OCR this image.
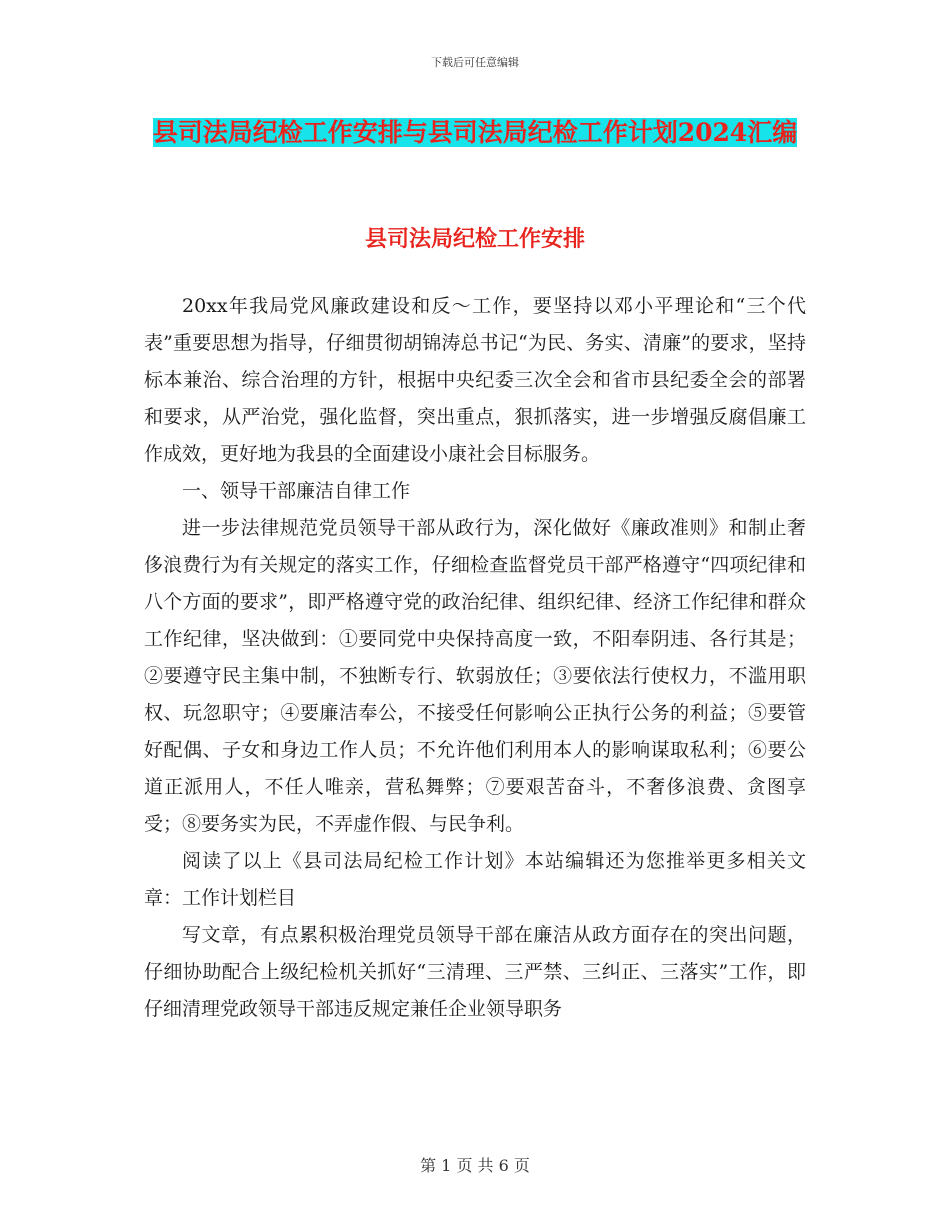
下载后可任意编辑
县司法局纪检工作安排与县司法局纪检工作计划2024汇编
县司法局纪检工作安排

20xx年我局党风廉政建设和反～工作，要坚持以邓小平理论和“三个代表”重要思想为指导，仔细贯彻胡锦涛总书记“为民、务实、清廉”的要求，坚持标本兼治、综合治理的方针，根据中央纪委三次全会和省市县纪委全会的部署和要求，从严治党，强化监督，突出重点，狠抓落实，进一步增强反腐倡廉工作成效，更好地为我县的全面建设小康社会目标服务。

一、领导干部廉洁自律工作

进一步法律规范党员领导干部从政行为，深化做好《廉政准则》和制止奢侈浪费行为有关规定的落实工作，仔细检查监督党员干部严格遵守“四项纪律和八个方面的要求”，即严格遵守党的政治纪律、组织纪律、经济工作纪律和群众工作纪律，坚决做到：①要同党中央保持高度一致，不阳奉阴违、各行其是；②要遵守民主集中制，不独断专行、软弱放任；③要依法行使权力，不滥用职权、玩忽职守；④要廉洁奉公，不接受任何影响公正执行公务的利益；⑤要管好配偶、子女和身边工作人员；不允许他们利用本人的影响谋取私利；⑥要公道正派用人，不任人唯亲，营私舞弊；⑦要艰苦奋斗，不奢侈浪费、贪图享受；⑧要务实为民，不弄虚作假、与民争利。

阅读了以上《县司法局纪检工作计划》本站编辑还为您推举更多相关文章：工作计划栏目

写文章，有点累积极治理党员领导干部在廉洁从政方面存在的突出问题，仔细协助配合上级纪检机关抓好“三清理、三严禁、三纠正、三落实”工作，即仔细清理党政领导干部违反规定兼任企业领导职务

第 1 页 共 6 页
